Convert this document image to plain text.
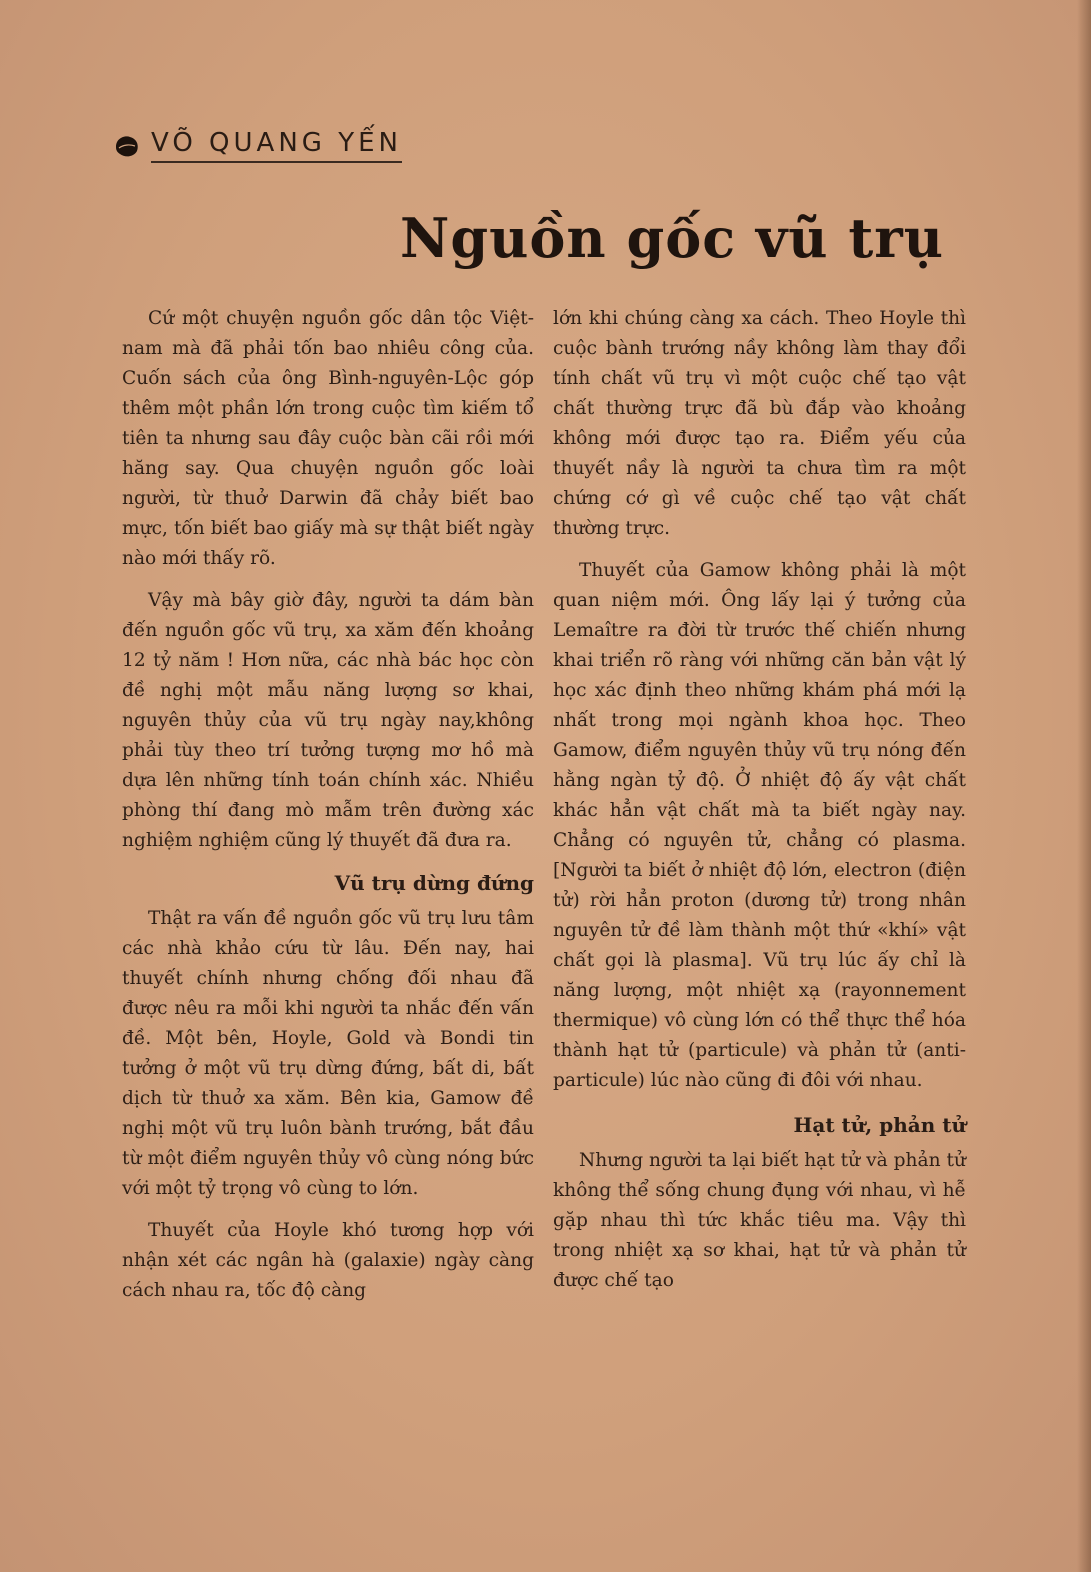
VÕ QUANG YẾN
Nguồn gốc vũ trụ

Cứ một chuyện nguồn gốc dân tộc Việt-nam mà đã phải tốn bao nhiêu công của. Cuốn sách của ông Bình-nguyên-Lộc góp thêm một phần lớn trong cuộc tìm kiếm tổ tiên ta nhưng sau đây cuộc bàn cãi rồi mới hăng say. Qua chuyện nguồn gốc loài người, từ thuở Darwin đã chảy biết bao mực, tốn biết bao giấy mà sự thật biết ngày nào mới thấy rõ.

Vậy mà bây giờ đây, người ta dám bàn đến nguồn gốc vũ trụ, xa xăm đến khoảng 12 tỷ năm ! Hơn nữa, các nhà bác học còn đề nghị một mẫu năng lượng sơ khai, nguyên thủy của vũ trụ ngày nay,không phải tùy theo trí tưởng tượng mơ hồ mà dựa lên những tính toán chính xác. Nhiều phòng thí đang mò mẫm trên đường xác nghiệm nghiệm cũng lý thuyết đã đưa ra.

Vũ trụ dừng đứng

Thật ra vấn đề nguồn gốc vũ trụ lưu tâm các nhà khảo cứu từ lâu. Đến nay, hai thuyết chính nhưng chống đối nhau đã được nêu ra mỗi khi người ta nhắc đến vấn đề. Một bên, Hoyle, Gold và Bondi tin tưởng ở một vũ trụ dừng đứng, bất di, bất dịch từ thuở xa xăm. Bên kia, Gamow đề nghị một vũ trụ luôn bành trướng, bắt đầu từ một điểm nguyên thủy vô cùng nóng bức với một tỷ trọng vô cùng to lớn.

Thuyết của Hoyle khó tương hợp với nhận xét các ngân hà (galaxie) ngày càng cách nhau ra, tốc độ càng

lớn khi chúng càng xa cách. Theo Hoyle thì cuộc bành trướng nầy không làm thay đổi tính chất vũ trụ vì một cuộc chế tạo vật chất thường trực đã bù đắp vào khoảng không mới được tạo ra. Điểm yếu của thuyết nầy là người ta chưa tìm ra một chứng cớ gì về cuộc chế tạo vật chất thường trực.

Thuyết của Gamow không phải là một quan niệm mới. Ông lấy lại ý tưởng của Lemaître ra đời từ trước thế chiến nhưng khai triển rõ ràng với những căn bản vật lý học xác định theo những khám phá mới lạ nhất trong mọi ngành khoa học. Theo Gamow, điểm nguyên thủy vũ trụ nóng đến hằng ngàn tỷ độ. Ở nhiệt độ ấy vật chất khác hẳn vật chất mà ta biết ngày nay. Chẳng có nguyên tử, chẳng có plasma. [Người ta biết ở nhiệt độ lớn, electron (điện tử) rời hẳn proton (dương tử) trong nhân nguyên tử đề làm thành một thứ «khí» vật chất gọi là plasma]. Vũ trụ lúc ấy chỉ là năng lượng, một nhiệt xạ (rayonnement thermique) vô cùng lớn có thể thực thể hóa thành hạt tử (particule) và phản tử (anti-particule) lúc nào cũng đi đôi với nhau.

Hạt tử, phản tử

Nhưng người ta lại biết hạt tử và phản tử không thể sống chung đụng với nhau, vì hễ gặp nhau thì tức khắc tiêu ma. Vậy thì trong nhiệt xạ sơ khai, hạt tử và phản tử được chế tạo
